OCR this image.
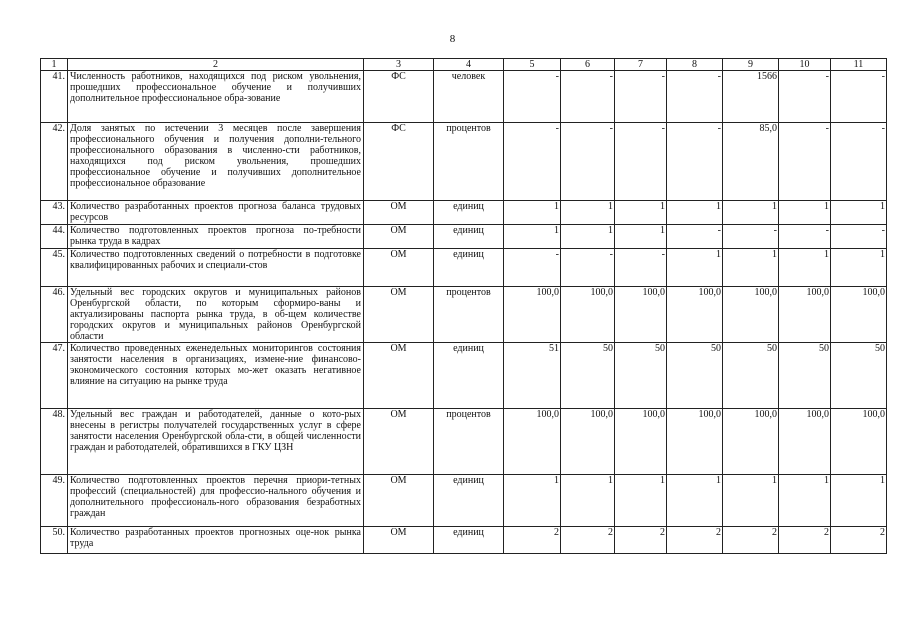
8
1	2	3	4	5	6	7	8	9	10	11
41.	Численность работников, находящихся под риском увольнения, прошедших профессиональное обучение и получивших дополнительное профессиональное обра-зование	ФС	человек	-	-	-	-	1566	-	-
42.	Доля занятых по истечении 3 месяцев после завершения профессионального обучения и получения дополни-тельного профессионального образования в численно-сти работников, находящихся под риском увольнения, прошедших профессиональное обучение и получивших дополнительное профессиональное образование	ФС	процентов	-	-	-	-	85,0	-	-
43.	Количество разработанных проектов прогноза баланса трудовых ресурсов	ОМ	единиц	1	1	1	1	1	1	1
44.	Количество подготовленных проектов прогноза по-требности рынка труда в кадрах	ОМ	единиц	1	1	1	-	-	-	-
45.	Количество подготовленных сведений о потребности в подготовке квалифицированных рабочих и специали-стов	ОМ	единиц	-	-	-	1	1	1	1
46.	Удельный вес городских округов и муниципальных районов Оренбургской области, по которым сформиро-ваны и актуализированы паспорта рынка труда, в об-щем количестве городских округов и муниципальных районов Оренбургской области	ОМ	процентов	100,0	100,0	100,0	100,0	100,0	100,0	100,0
47.	Количество проведенных еженедельных мониторингов состояния занятости населения в организациях, измене-ние финансово-экономического состояния которых мо-жет оказать негативное влияние на ситуацию на рынке труда	ОМ	единиц	51	50	50	50	50	50	50
48.	Удельный вес граждан и работодателей, данные о кото-рых внесены в регистры получателей государственных услуг в сфере занятости населения Оренбургской обла-сти, в общей численности граждан и работодателей, обратившихся в ГКУ ЦЗН	ОМ	процентов	100,0	100,0	100,0	100,0	100,0	100,0	100,0
49.	Количество подготовленных проектов перечня приори-тетных профессий (специальностей) для профессио-нального обучения и дополнительного профессиональ-ного образования безработных граждан	ОМ	единиц	1	1	1	1	1	1	1
50.	Количество разработанных проектов прогнозных оце-нок рынка труда	ОМ	единиц	2	2	2	2	2	2	2
